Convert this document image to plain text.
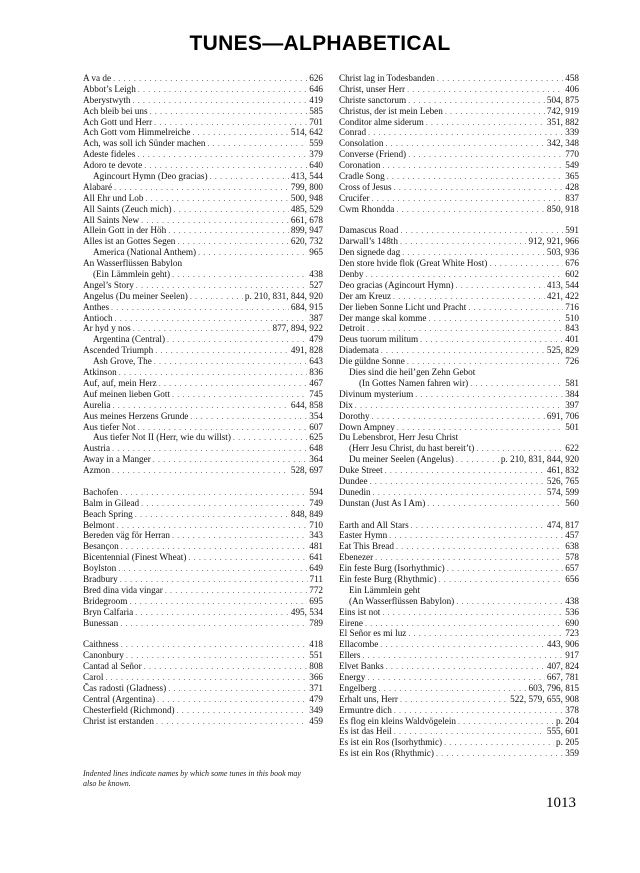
TUNES—ALPHABETICAL
A va de . . .	626
Abbot’s Leigh . . .	646
Aberystwyth . . .	419
Ach bleib bei uns . . .	585
Ach Gott und Herr . . .	701
Ach Gott vom Himmelreiche . . .	514, 642
Ach, was soll ich Sünder machen . . .	559
Adeste fideles . . .	379
Adoro te devote . . .	640
Agincourt Hymn (Deo gracias) . . .	413, 544
Alabaré . . .	799, 800
All Ehr und Lob . . .	500, 948
All Saints (Zeuch mich) . . .	485, 529
All Saints New . . .	661, 678
Allein Gott in der Höh . . .	899, 947
Alles ist an Gottes Segen . . .	620, 732
America (National Anthem) . . .	965
An Wasserflüssen Babylon
(Ein Lämmlein geht) . . .	438
Angel’s Story . . .	527
Angelus (Du meiner Seelen) . . .	p. 210, 831, 844, 920
Anthes . . .	684, 915
Antioch . . .	387
Ar hyd y nos . . .	877, 894, 922
Argentina (Central) . . .	479
Ascended Triumph . . .	491, 828
Ash Grove, The . . .	643
Atkinson . . .	836
Auf, auf, mein Herz . . .	467
Auf meinen lieben Gott . . .	745
Aurelia . . .	644, 858
Aus meines Herzens Grunde . . .	354
Aus tiefer Not . . .	607
Aus tiefer Not II (Herr, wie du willst) . . .	625
Austria . . .	648
Away in a Manger . . .	364
Azmon . . .	528, 697
Bachofen . . .	594
Balm in Gilead . . .	749
Beach Spring . . .	848, 849
Belmont . . .	710
Bereden väg för Herran . . .	343
Besançon . . .	481
Bicentennial (Finest Wheat) . . .	641
Boylston . . .	649
Bradbury . . .	711
Bred dina vida vingar . . .	772
Bridegroom . . .	695
Bryn Calfaria . . .	495, 534
Bunessan . . .	789
Caithness . . .	418
Canonbury . . .	551
Cantad al Señor . . .	808
Carol . . .	366
Čas radosti (Gladness) . . .	371
Central (Argentina) . . .	479
Chesterfield (Richmond) . . .	349
Christ ist erstanden . . .	459
Christ lag in Todesbanden . . .	458
Christ, unser Herr . . .	406
Christe sanctorum . . .	504, 875
Christus, der ist mein Leben . . .	742, 919
Conditor alme siderum . . .	351, 882
Conrad . . .	339
Consolation . . .	342, 348
Converse (Friend) . . .	770
Coronation . . .	549
Cradle Song . . .	365
Cross of Jesus . . .	428
Crucifer . . .	837
Cwm Rhondda . . .	850, 918
Damascus Road . . .	591
Darwall’s 148th . . .	912, 921, 966
Den signede dag . . .	503, 936
Den store hvide flok (Great White Host) . . .	676
Denby . . .	602
Deo gracias (Agincourt Hymn) . . .	413, 544
Der am Kreuz . . .	421, 422
Der lieben Sonne Licht und Pracht . . .	716
Der mange skal komme . . .	510
Detroit . . .	843
Deus tuorum militum . . .	401
Diademata . . .	525, 829
Die güldne Sonne . . .	726
Dies sind die heil’gen Zehn Gebot
(In Gottes Namen fahren wir) . . .	581
Divinum mysterium . . .	384
Dix . . .	397
Dorothy . . .	691, 706
Down Ampney . . .	501
Du Lebensbrot, Herr Jesu Christ
(Herr Jesu Christ, du hast bereit’t) . . .	622
Du meiner Seelen (Angelus) . . .	p. 210, 831, 844, 920
Duke Street . . .	461, 832
Dundee . . .	526, 765
Dunedin . . .	574, 599
Dunstan (Just As I Am) . . .	560
Earth and All Stars . . .	474, 817
Easter Hymn . . .	457
Eat This Bread . . .	638
Ebenezer . . .	578
Ein feste Burg (Isorhythmic) . . .	657
Ein feste Burg (Rhythmic) . . .	656
Ein Lämmlein geht
(An Wasserflüssen Babylon) . . .	438
Eins ist not . . .	536
Eirene . . .	690
El Señor es mi luz . . .	723
Ellacombe . . .	443, 906
Ellers . . .	917
Elvet Banks . . .	407, 824
Energy . . .	667, 781
Engelberg . . .	603, 796, 815
Erhalt uns, Herr . . .	522, 579, 655, 908
Ermuntre dich . . .	378
Es flog ein kleins Waldvögelein . . .	p. 204
Es ist das Heil . . .	555, 601
Es ist ein Ros (Isorhythmic) . . .	p. 205
Es ist ein Ros (Rhythmic) . . .	359
Indented lines indicate names by which some tunes in this book may also be known.
1013
